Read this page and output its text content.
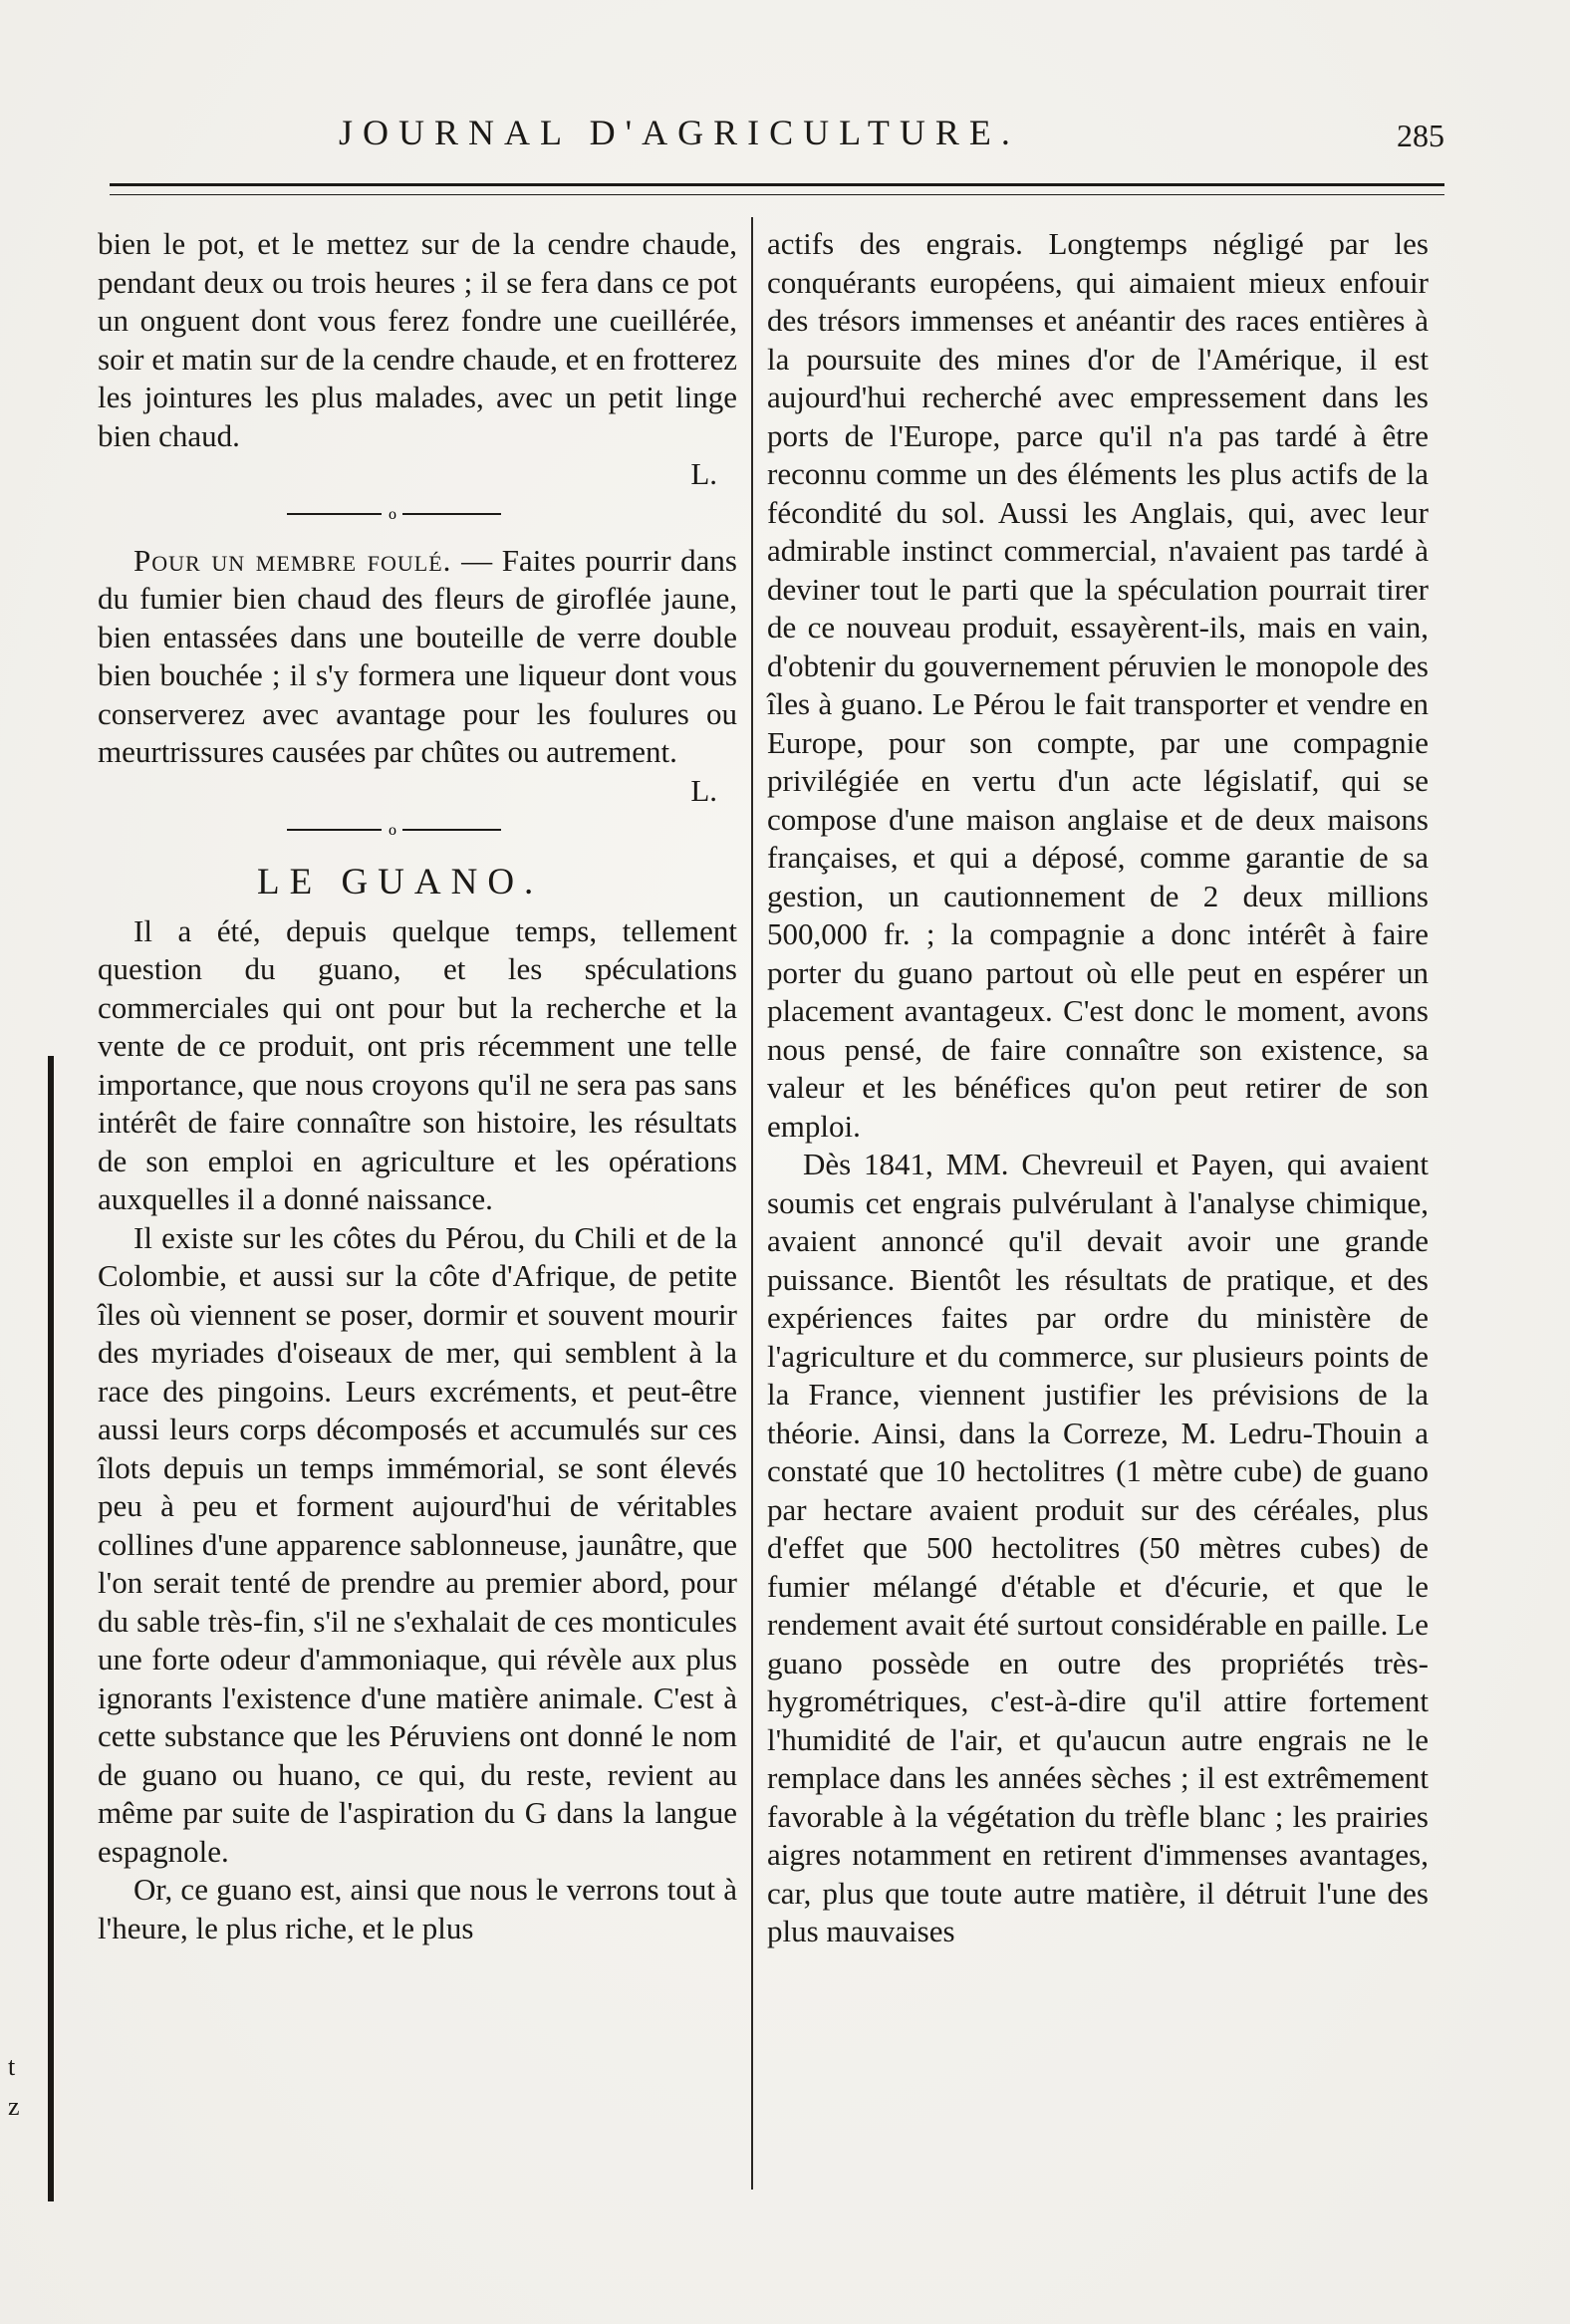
JOURNAL D'AGRICULTURE.	285

bien le pot, et le mettez sur de la cendre chaude, pendant deux ou trois heures ; il se fera dans ce pot un onguent dont vous ferez fondre une cueillérée, soir et matin sur de la cendre chaude, et en frotterez les jointures les plus malades, avec un petit linge bien chaud.

L.

o

Pour un membre foulé. — Faites pourrir dans du fumier bien chaud des fleurs de giroflée jaune, bien entassées dans une bouteille de verre double bien bouchée ; il s'y formera une liqueur dont vous conserverez avec avantage pour les foulures ou meurtrissures causées par chûtes ou autrement.

L.

o

LE GUANO.

Il a été, depuis quelque temps, tellement question du guano, et les spéculations commerciales qui ont pour but la recherche et la vente de ce produit, ont pris récemment une telle importance, que nous croyons qu'il ne sera pas sans intérêt de faire connaître son histoire, les résultats de son emploi en agriculture et les opérations auxquelles il a donné naissance.

Il existe sur les côtes du Pérou, du Chili et de la Colombie, et aussi sur la côte d'Afrique, de petite îles où viennent se poser, dormir et souvent mourir des myriades d'oiseaux de mer, qui semblent à la race des pingoins. Leurs excréments, et peut-être aussi leurs corps décomposés et accumulés sur ces îlots depuis un temps immémorial, se sont élevés peu à peu et forment aujourd'hui de véritables collines d'une apparence sablonneuse, jaunâtre, que l'on serait tenté de prendre au premier abord, pour du sable très-fin, s'il ne s'exhalait de ces monticules une forte odeur d'ammoniaque, qui révèle aux plus ignorants l'existence d'une matière animale. C'est à cette substance que les Péruviens ont donné le nom de guano ou huano, ce qui, du reste, revient au même par suite de l'aspiration du G dans la langue espagnole.

Or, ce guano est, ainsi que nous le verrons tout à l'heure, le plus riche, et le plus

actifs des engrais. Longtemps négligé par les conquérants européens, qui aimaient mieux enfouir des trésors immenses et anéantir des races entières à la poursuite des mines d'or de l'Amérique, il est aujourd'hui recherché avec empressement dans les ports de l'Europe, parce qu'il n'a pas tardé à être reconnu comme un des éléments les plus actifs de la fécondité du sol. Aussi les Anglais, qui, avec leur admirable instinct commercial, n'avaient pas tardé à deviner tout le parti que la spéculation pourrait tirer de ce nouveau produit, essayèrent-ils, mais en vain, d'obtenir du gouvernement péruvien le monopole des îles à guano. Le Pérou le fait transporter et vendre en Europe, pour son compte, par une compagnie privilégiée en vertu d'un acte législatif, qui se compose d'une maison anglaise et de deux maisons françaises, et qui a déposé, comme garantie de sa gestion, un cautionnement de 2 deux millions 500,000 fr. ; la compagnie a donc intérêt à faire porter du guano partout où elle peut en espérer un placement avantageux. C'est donc le moment, avons nous pensé, de faire connaître son existence, sa valeur et les bénéfices qu'on peut retirer de son emploi.

Dès 1841, MM. Chevreuil et Payen, qui avaient soumis cet engrais pulvérulant à l'analyse chimique, avaient annoncé qu'il devait avoir une grande puissance. Bientôt les résultats de pratique, et des expériences faites par ordre du ministère de l'agriculture et du commerce, sur plusieurs points de la France, viennent justifier les prévisions de la théorie. Ainsi, dans la Correze, M. Ledru-Thouin a constaté que 10 hectolitres (1 mètre cube) de guano par hectare avaient produit sur des céréales, plus d'effet que 500 hectolitres (50 mètres cubes) de fumier mélangé d'étable et d'écurie, et que le rendement avait été surtout considérable en paille. Le guano possède en outre des propriétés très-hygrométriques, c'est-à-dire qu'il attire fortement l'humidité de l'air, et qu'aucun autre engrais ne le remplace dans les années sèches ; il est extrêmement favorable à la végétation du trèfle blanc ; les prairies aigres notamment en retirent d'immenses avantages, car, plus que toute autre matière, il détruit l'une des plus mauvaises

t
z
